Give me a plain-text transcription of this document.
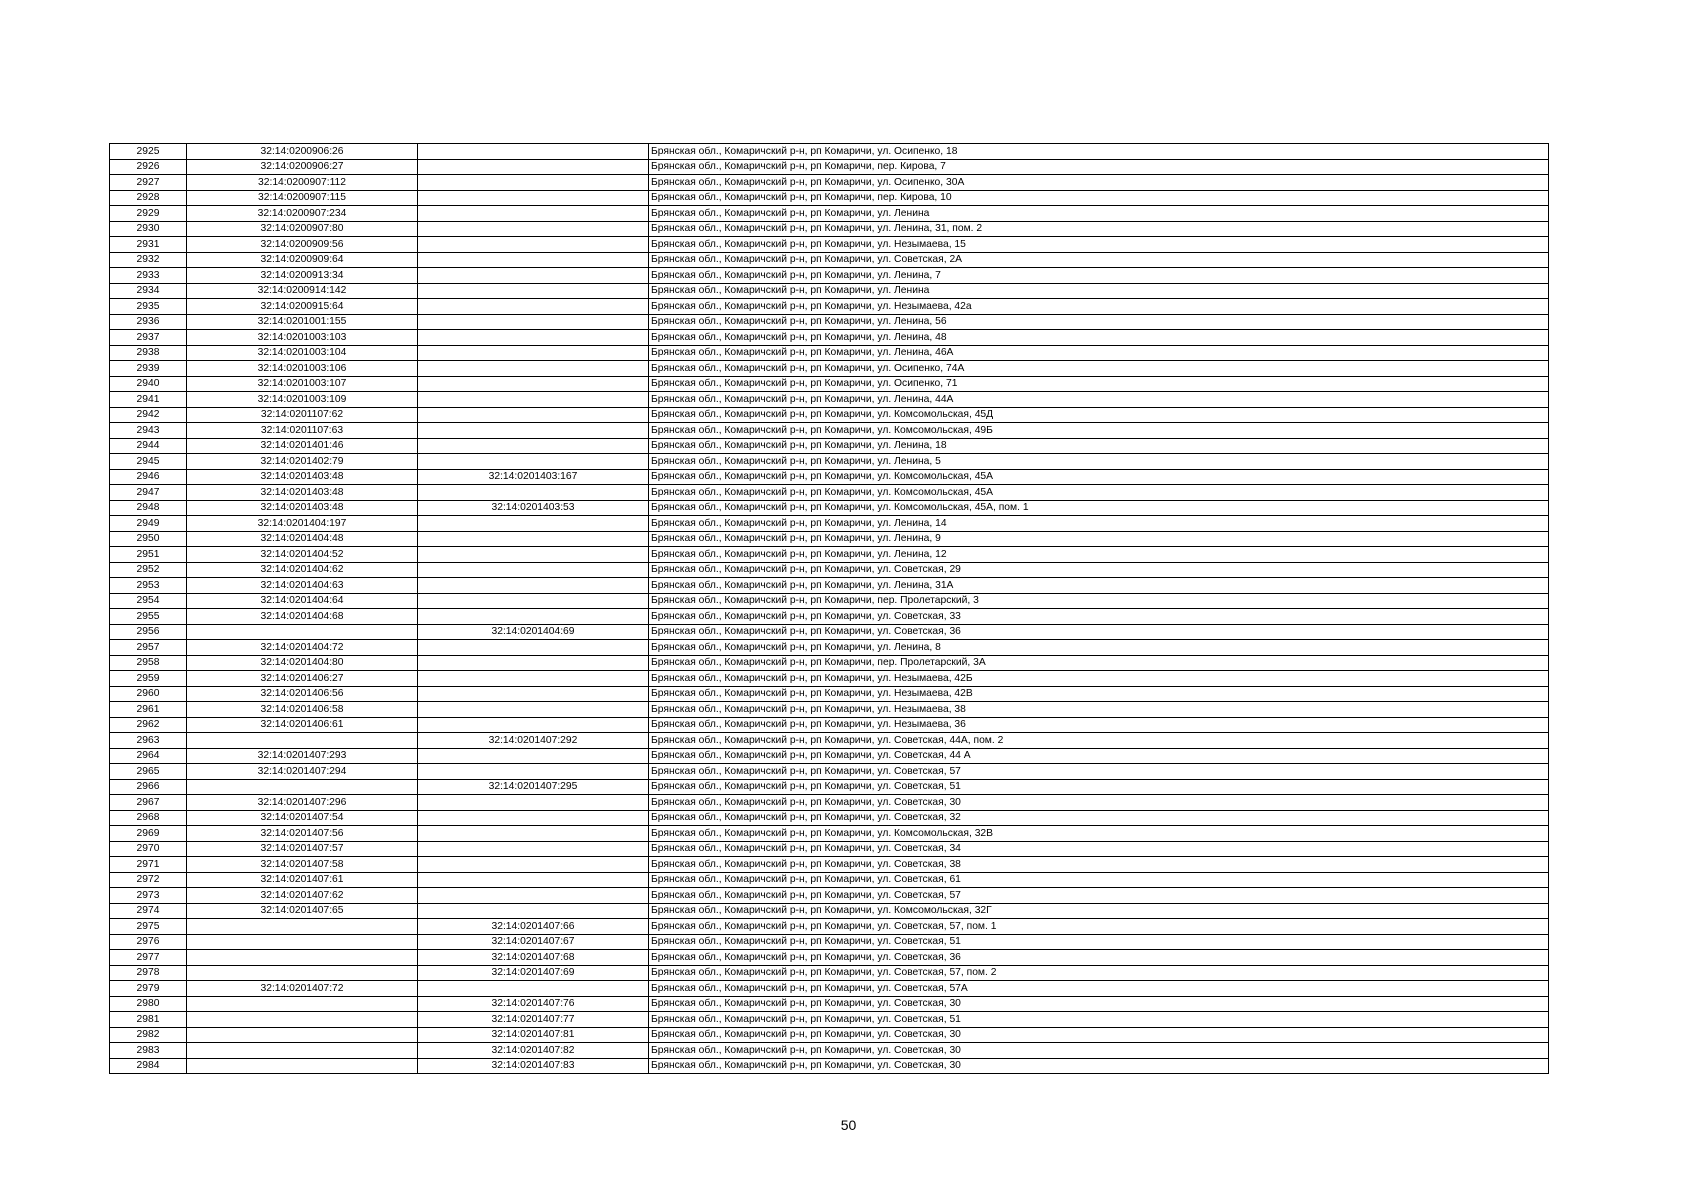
2925	32:14:0200906:26		Брянская обл., Комаричский р-н, рп Комаричи, ул. Осипенко, 18
2926	32:14:0200906:27		Брянская обл., Комаричский р-н, рп Комаричи, пер. Кирова, 7
2927	32:14:0200907:112		Брянская обл., Комаричский р-н, рп Комаричи, ул. Осипенко, 30А
2928	32:14:0200907:115		Брянская обл., Комаричский р-н, рп Комаричи, пер. Кирова, 10
2929	32:14:0200907:234		Брянская обл., Комаричский р-н, рп Комаричи, ул. Ленина
2930	32:14:0200907:80		Брянская обл., Комаричский р-н, рп Комаричи, ул. Ленина, 31, пом. 2
2931	32:14:0200909:56		Брянская обл., Комаричский р-н, рп Комаричи, ул. Незымаева, 15
2932	32:14:0200909:64		Брянская обл., Комаричский р-н, рп Комаричи, ул. Советская, 2А
2933	32:14:0200913:34		Брянская обл., Комаричский р-н, рп Комаричи, ул. Ленина, 7
2934	32:14:0200914:142		Брянская обл., Комаричский р-н, рп Комаричи, ул. Ленина
2935	32:14:0200915:64		Брянская обл., Комаричский р-н, рп Комаричи, ул. Незымаева, 42а
2936	32:14:0201001:155		Брянская обл., Комаричский р-н, рп Комаричи, ул. Ленина, 56
2937	32:14:0201003:103		Брянская обл., Комаричский р-н, рп Комаричи, ул. Ленина, 48
2938	32:14:0201003:104		Брянская обл., Комаричский р-н, рп Комаричи, ул. Ленина, 46А
2939	32:14:0201003:106		Брянская обл., Комаричский р-н, рп Комаричи, ул. Осипенко, 74А
2940	32:14:0201003:107		Брянская обл., Комаричский р-н, рп Комаричи, ул. Осипенко, 71
2941	32:14:0201003:109		Брянская обл., Комаричский р-н, рп Комаричи, ул. Ленина, 44А
2942	32:14:0201107:62		Брянская обл., Комаричский р-н, рп Комаричи, ул. Комсомольская, 45Д
2943	32:14:0201107:63		Брянская обл., Комаричский р-н, рп Комаричи, ул. Комсомольская, 49Б
2944	32:14:0201401:46		Брянская обл., Комаричский р-н, рп Комаричи, ул. Ленина, 18
2945	32:14:0201402:79		Брянская обл., Комаричский р-н, рп Комаричи, ул. Ленина, 5
2946	32:14:0201403:48	32:14:0201403:167	Брянская обл., Комаричский р-н, рп Комаричи, ул. Комсомольская, 45А
2947	32:14:0201403:48		Брянская обл., Комаричский р-н, рп Комаричи, ул. Комсомольская, 45А
2948	32:14:0201403:48	32:14:0201403:53	Брянская обл., Комаричский р-н, рп Комаричи, ул. Комсомольская, 45А, пом. 1
2949	32:14:0201404:197		Брянская обл., Комаричский р-н, рп Комаричи, ул. Ленина, 14
2950	32:14:0201404:48		Брянская обл., Комаричский р-н, рп Комаричи, ул. Ленина, 9
2951	32:14:0201404:52		Брянская обл., Комаричский р-н, рп Комаричи, ул. Ленина, 12
2952	32:14:0201404:62		Брянская обл., Комаричский р-н, рп Комаричи, ул. Советская, 29
2953	32:14:0201404:63		Брянская обл., Комаричский р-н, рп Комаричи, ул. Ленина, 31А
2954	32:14:0201404:64		Брянская обл., Комаричский р-н, рп Комаричи, пер. Пролетарский, 3
2955	32:14:0201404:68		Брянская обл., Комаричский р-н, рп Комаричи, ул. Советская, 33
2956		32:14:0201404:69	Брянская обл., Комаричский р-н, рп Комаричи, ул. Советская, 36
2957	32:14:0201404:72		Брянская обл., Комаричский р-н, рп Комаричи, ул. Ленина, 8
2958	32:14:0201404:80		Брянская обл., Комаричский р-н, рп Комаричи, пер. Пролетарский, 3А
2959	32:14:0201406:27		Брянская обл., Комаричский р-н, рп Комаричи, ул. Незымаева, 42Б
2960	32:14:0201406:56		Брянская обл., Комаричский р-н, рп Комаричи, ул. Незымаева, 42В
2961	32:14:0201406:58		Брянская обл., Комаричский р-н, рп Комаричи, ул. Незымаева, 38
2962	32:14:0201406:61		Брянская обл., Комаричский р-н, рп Комаричи, ул. Незымаева, 36
2963		32:14:0201407:292	Брянская обл., Комаричский р-н, рп Комаричи, ул. Советская, 44А, пом. 2
2964	32:14:0201407:293		Брянская обл., Комаричский р-н, рп Комаричи, ул. Советская, 44 А
2965	32:14:0201407:294		Брянская обл., Комаричский р-н, рп Комаричи, ул. Советская, 57
2966		32:14:0201407:295	Брянская обл., Комаричский р-н, рп Комаричи, ул. Советская, 51
2967	32:14:0201407:296		Брянская обл., Комаричский р-н, рп Комаричи, ул. Советская, 30
2968	32:14:0201407:54		Брянская обл., Комаричский р-н, рп Комаричи, ул. Советская, 32
2969	32:14:0201407:56		Брянская обл., Комаричский р-н, рп Комаричи, ул. Комсомольская, 32В
2970	32:14:0201407:57		Брянская обл., Комаричский р-н, рп Комаричи, ул. Советская, 34
2971	32:14:0201407:58		Брянская обл., Комаричский р-н, рп Комаричи, ул. Советская, 38
2972	32:14:0201407:61		Брянская обл., Комаричский р-н, рп Комаричи, ул. Советская, 61
2973	32:14:0201407:62		Брянская обл., Комаричский р-н, рп Комаричи, ул. Советская, 57
2974	32:14:0201407:65		Брянская обл., Комаричский р-н, рп Комаричи, ул. Комсомольская, 32Г
2975		32:14:0201407:66	Брянская обл., Комаричский р-н, рп Комаричи, ул. Советская, 57, пом. 1
2976		32:14:0201407:67	Брянская обл., Комаричский р-н, рп Комаричи, ул. Советская, 51
2977		32:14:0201407:68	Брянская обл., Комаричский р-н, рп Комаричи, ул. Советская, 36
2978		32:14:0201407:69	Брянская обл., Комаричский р-н, рп Комаричи, ул. Советская, 57, пом. 2
2979	32:14:0201407:72		Брянская обл., Комаричский р-н, рп Комаричи, ул. Советская, 57А
2980		32:14:0201407:76	Брянская обл., Комаричский р-н, рп Комаричи, ул. Советская, 30
2981		32:14:0201407:77	Брянская обл., Комаричский р-н, рп Комаричи, ул. Советская, 51
2982		32:14:0201407:81	Брянская обл., Комаричский р-н, рп Комаричи, ул. Советская, 30
2983		32:14:0201407:82	Брянская обл., Комаричский р-н, рп Комаричи, ул. Советская, 30
2984		32:14:0201407:83	Брянская обл., Комаричский р-н, рп Комаричи, ул. Советская, 30
50
